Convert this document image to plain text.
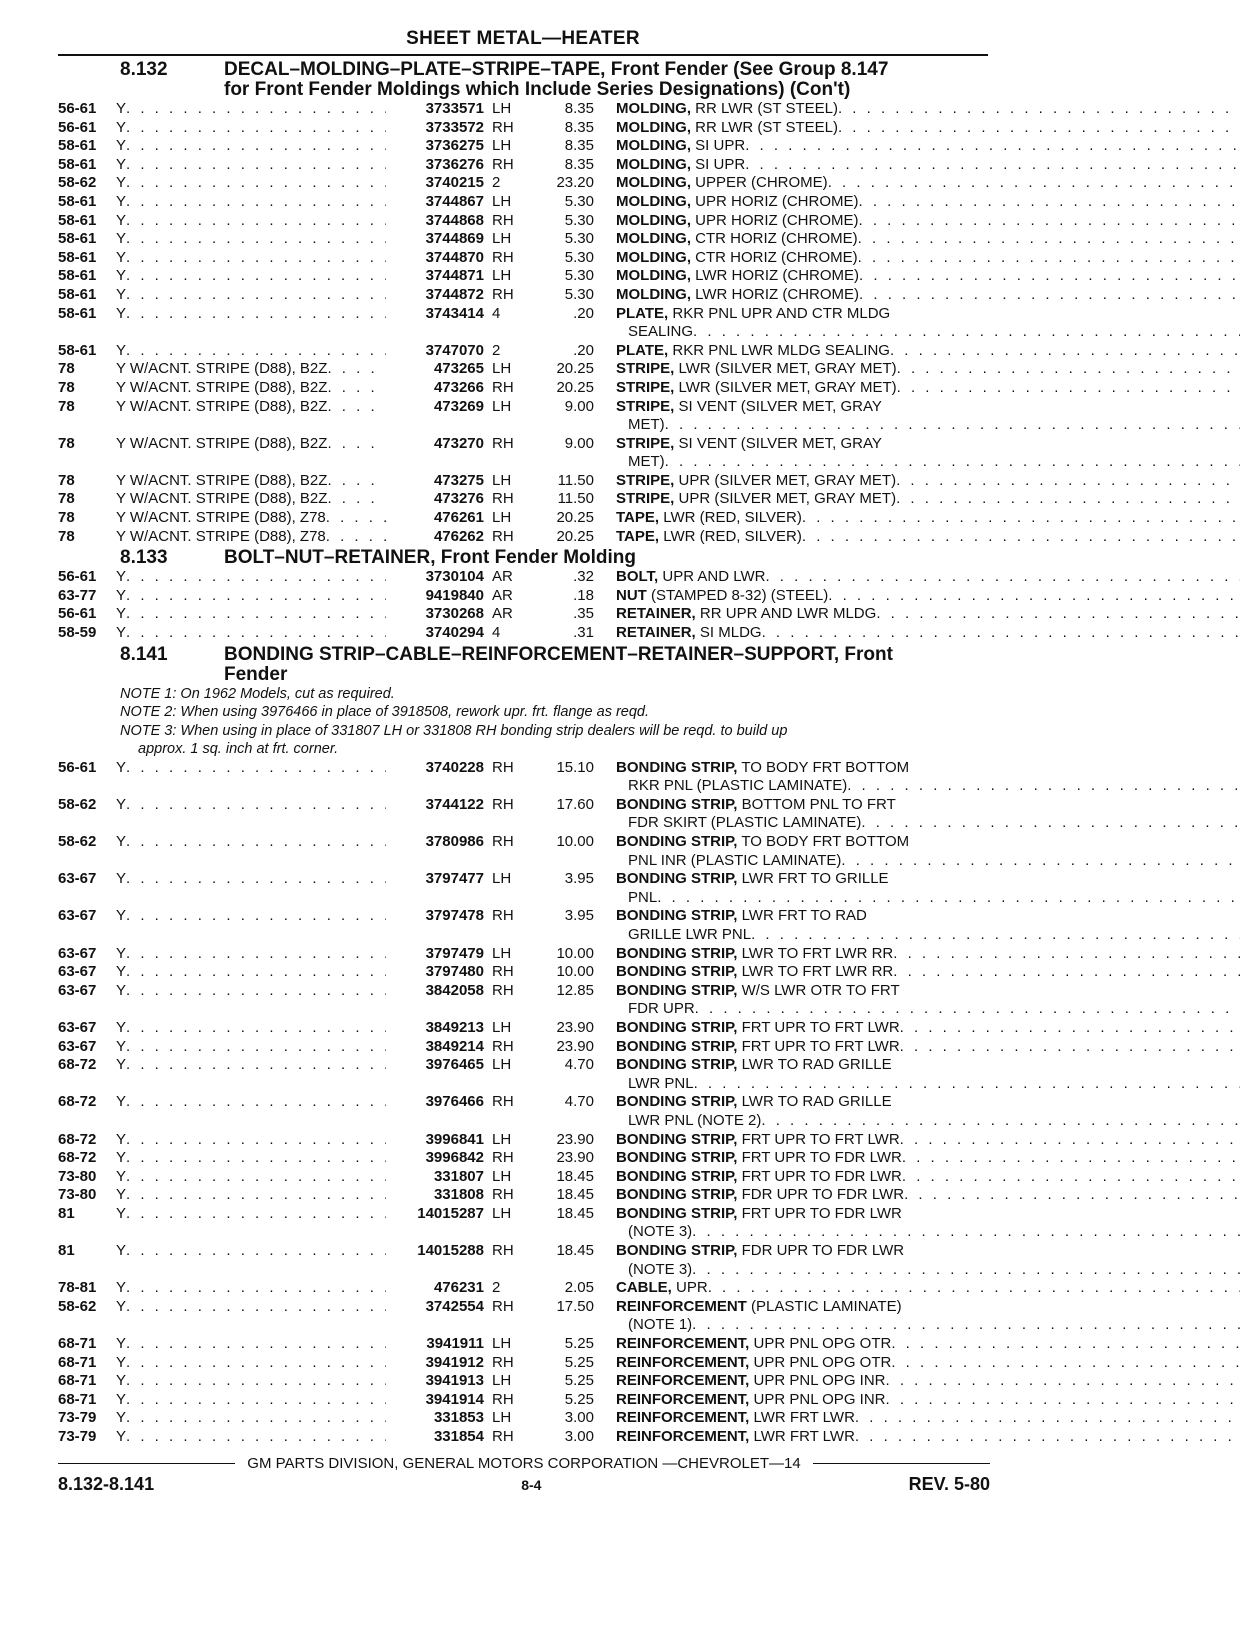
SHEET METAL—HEATER
8.132	DECAL–MOLDING–PLATE–STRIPE–TAPE, Front Fender (See Group 8.147
for Front Fender Moldings which Include Series Designations) (Con't)
56-61	Y . . .	3733571 LH	8.35	MOLDING, RR LWR (ST STEEL)
. . .
56-61	Y . . .	3733572 RH	8.35	MOLDING, RR LWR (ST STEEL)
. . .
58-61	Y . . .	3736275 LH	8.35	MOLDING, SI UPR
. . .
58-61	Y . . .	3736276 RH	8.35	MOLDING, SI UPR
. . .
58-62	Y . . .	3740215 2	23.20	MOLDING, UPPER (CHROME)
. . .
58-61	Y . . .	3744867 LH	5.30	MOLDING, UPR HORIZ (CHROME)
. . .
58-61	Y . . .	3744868 RH	5.30	MOLDING, UPR HORIZ (CHROME)
. . .
58-61	Y . . .	3744869 LH	5.30	MOLDING, CTR HORIZ (CHROME)
. . .
58-61	Y . . .	3744870 RH	5.30	MOLDING, CTR HORIZ (CHROME)
. . .
58-61	Y . . .	3744871 LH	5.30	MOLDING, LWR HORIZ (CHROME)
. . .
58-61	Y . . .	3744872 RH	5.30	MOLDING, LWR HORIZ (CHROME)
. . .
58-61	Y . . .	3743414 4	.20	PLATE, RKR PNL UPR AND CTR MLDG
SEALING
. . .
58-61	Y . . .	3747070 2	.20	PLATE, RKR PNL LWR MLDG SEALING
. . .
78	Y W/ACNT. STRIPE (D88), B2Z . . .	473265 LH	20.25	STRIPE, LWR (SILVER MET, GRAY MET)
. . .
78	Y W/ACNT. STRIPE (D88), B2Z . . .	473266 RH	20.25	STRIPE, LWR (SILVER MET, GRAY MET)
. . .
78	Y W/ACNT. STRIPE (D88), B2Z . . .	473269 LH	9.00	STRIPE, SI VENT (SILVER MET, GRAY
MET)
. . .
78	Y W/ACNT. STRIPE (D88), B2Z . . .	473270 RH	9.00	STRIPE, SI VENT (SILVER MET, GRAY
MET)
. . .
78	Y W/ACNT. STRIPE (D88), B2Z . . .	473275 LH	11.50	STRIPE, UPR (SILVER MET, GRAY MET)
. . .
78	Y W/ACNT. STRIPE (D88), B2Z . . .	473276 RH	11.50	STRIPE, UPR (SILVER MET, GRAY MET)
. . .
78	Y W/ACNT. STRIPE (D88), Z78 . . .	476261 LH	20.25	TAPE, LWR (RED, SILVER)
. . .
78	Y W/ACNT. STRIPE (D88), Z78 . . .	476262 RH	20.25	TAPE, LWR (RED, SILVER)
. . .
8.133	BOLT–NUT–RETAINER, Front Fender Molding
56-61	Y . . .	3730104 AR	.32	BOLT, UPR AND LWR
. . .
63-77	Y . . .	9419840 AR	.18	NUT (STAMPED 8-32) (STEEL)
. . .
56-61	Y . . .	3730268 AR	.35	RETAINER, RR UPR AND LWR MLDG
. . .
58-59	Y . . .	3740294 4	.31	RETAINER, SI MLDG
. . .
8.141	BONDING STRIP–CABLE–REINFORCEMENT–RETAINER–SUPPORT, Front
Fender
NOTE 1: On 1962 Models, cut as required.
NOTE 2: When using 3976466 in place of 3918508, rework upr. frt. flange as reqd.
NOTE 3: When using in place of 331807 LH or 331808 RH bonding strip dealers will be reqd. to build up
approx. 1 sq. inch at frt. corner.
56-61	Y . . .	3740228 RH	15.10	BONDING STRIP, TO BODY FRT BOTTOM
RKR PNL (PLASTIC LAMINATE)
. . .
58-62	Y . . .	3744122 RH	17.60	BONDING STRIP, BOTTOM PNL TO FRT
FDR SKIRT (PLASTIC LAMINATE)
. . .
58-62	Y . . .	3780986 RH	10.00	BONDING STRIP, TO BODY FRT BOTTOM
PNL INR (PLASTIC LAMINATE)
. . .
63-67	Y . . .	3797477 LH	3.95	BONDING STRIP, LWR FRT TO GRILLE
PNL
. . .
63-67	Y . . .	3797478 RH	3.95	BONDING STRIP, LWR FRT TO RAD
GRILLE LWR PNL
. . .
63-67	Y . . .	3797479 LH	10.00	BONDING STRIP, LWR TO FRT LWR RR
. . .
63-67	Y . . .	3797480 RH	10.00	BONDING STRIP, LWR TO FRT LWR RR
. . .
63-67	Y . . .	3842058 RH	12.85	BONDING STRIP, W/S LWR OTR TO FRT
FDR UPR
. . .
63-67	Y . . .	3849213 LH	23.90	BONDING STRIP, FRT UPR TO FRT LWR
. . .
63-67	Y . . .	3849214 RH	23.90	BONDING STRIP, FRT UPR TO FRT LWR
. . .
68-72	Y . . .	3976465 LH	4.70	BONDING STRIP, LWR TO RAD GRILLE
LWR PNL
. . .
68-72	Y . . .	3976466 RH	4.70	BONDING STRIP, LWR TO RAD GRILLE
LWR PNL (NOTE 2)
. . .
68-72	Y . . .	3996841 LH	23.90	BONDING STRIP, FRT UPR TO FRT LWR
. . .
68-72	Y . . .	3996842 RH	23.90	BONDING STRIP, FRT UPR TO FDR LWR
. . .
73-80	Y . . .	331807 LH	18.45	BONDING STRIP, FRT UPR TO FDR LWR
. . .
73-80	Y . . .	331808 RH	18.45	BONDING STRIP, FDR UPR TO FDR LWR
. . .
81	Y . . .	14015287 LH	18.45	BONDING STRIP, FRT UPR TO FDR LWR
(NOTE 3)
. . .
81	Y . . .	14015288 RH	18.45	BONDING STRIP, FDR UPR TO FDR LWR
(NOTE 3)
. . .
78-81	Y . . .	476231 2	2.05	CABLE, UPR
. . .
58-62	Y . . .	3742554 RH	17.50	REINFORCEMENT (PLASTIC LAMINATE)
(NOTE 1)
. . .
68-71	Y . . .	3941911 LH	5.25	REINFORCEMENT, UPR PNL OPG OTR
. . .
68-71	Y . . .	3941912 RH	5.25	REINFORCEMENT, UPR PNL OPG OTR
. . .
68-71	Y . . .	3941913 LH	5.25	REINFORCEMENT, UPR PNL OPG INR
. . .
68-71	Y . . .	3941914 RH	5.25	REINFORCEMENT, UPR PNL OPG INR
. . .
73-79	Y . . .	331853 LH	3.00	REINFORCEMENT, LWR FRT LWR
. . .
73-79	Y . . .	331854 RH	3.00	REINFORCEMENT, LWR FRT LWR
. . .
GM PARTS DIVISION, GENERAL MOTORS CORPORATION —CHEVROLET—14
8.132-8.141	8-4	REV. 5-80
